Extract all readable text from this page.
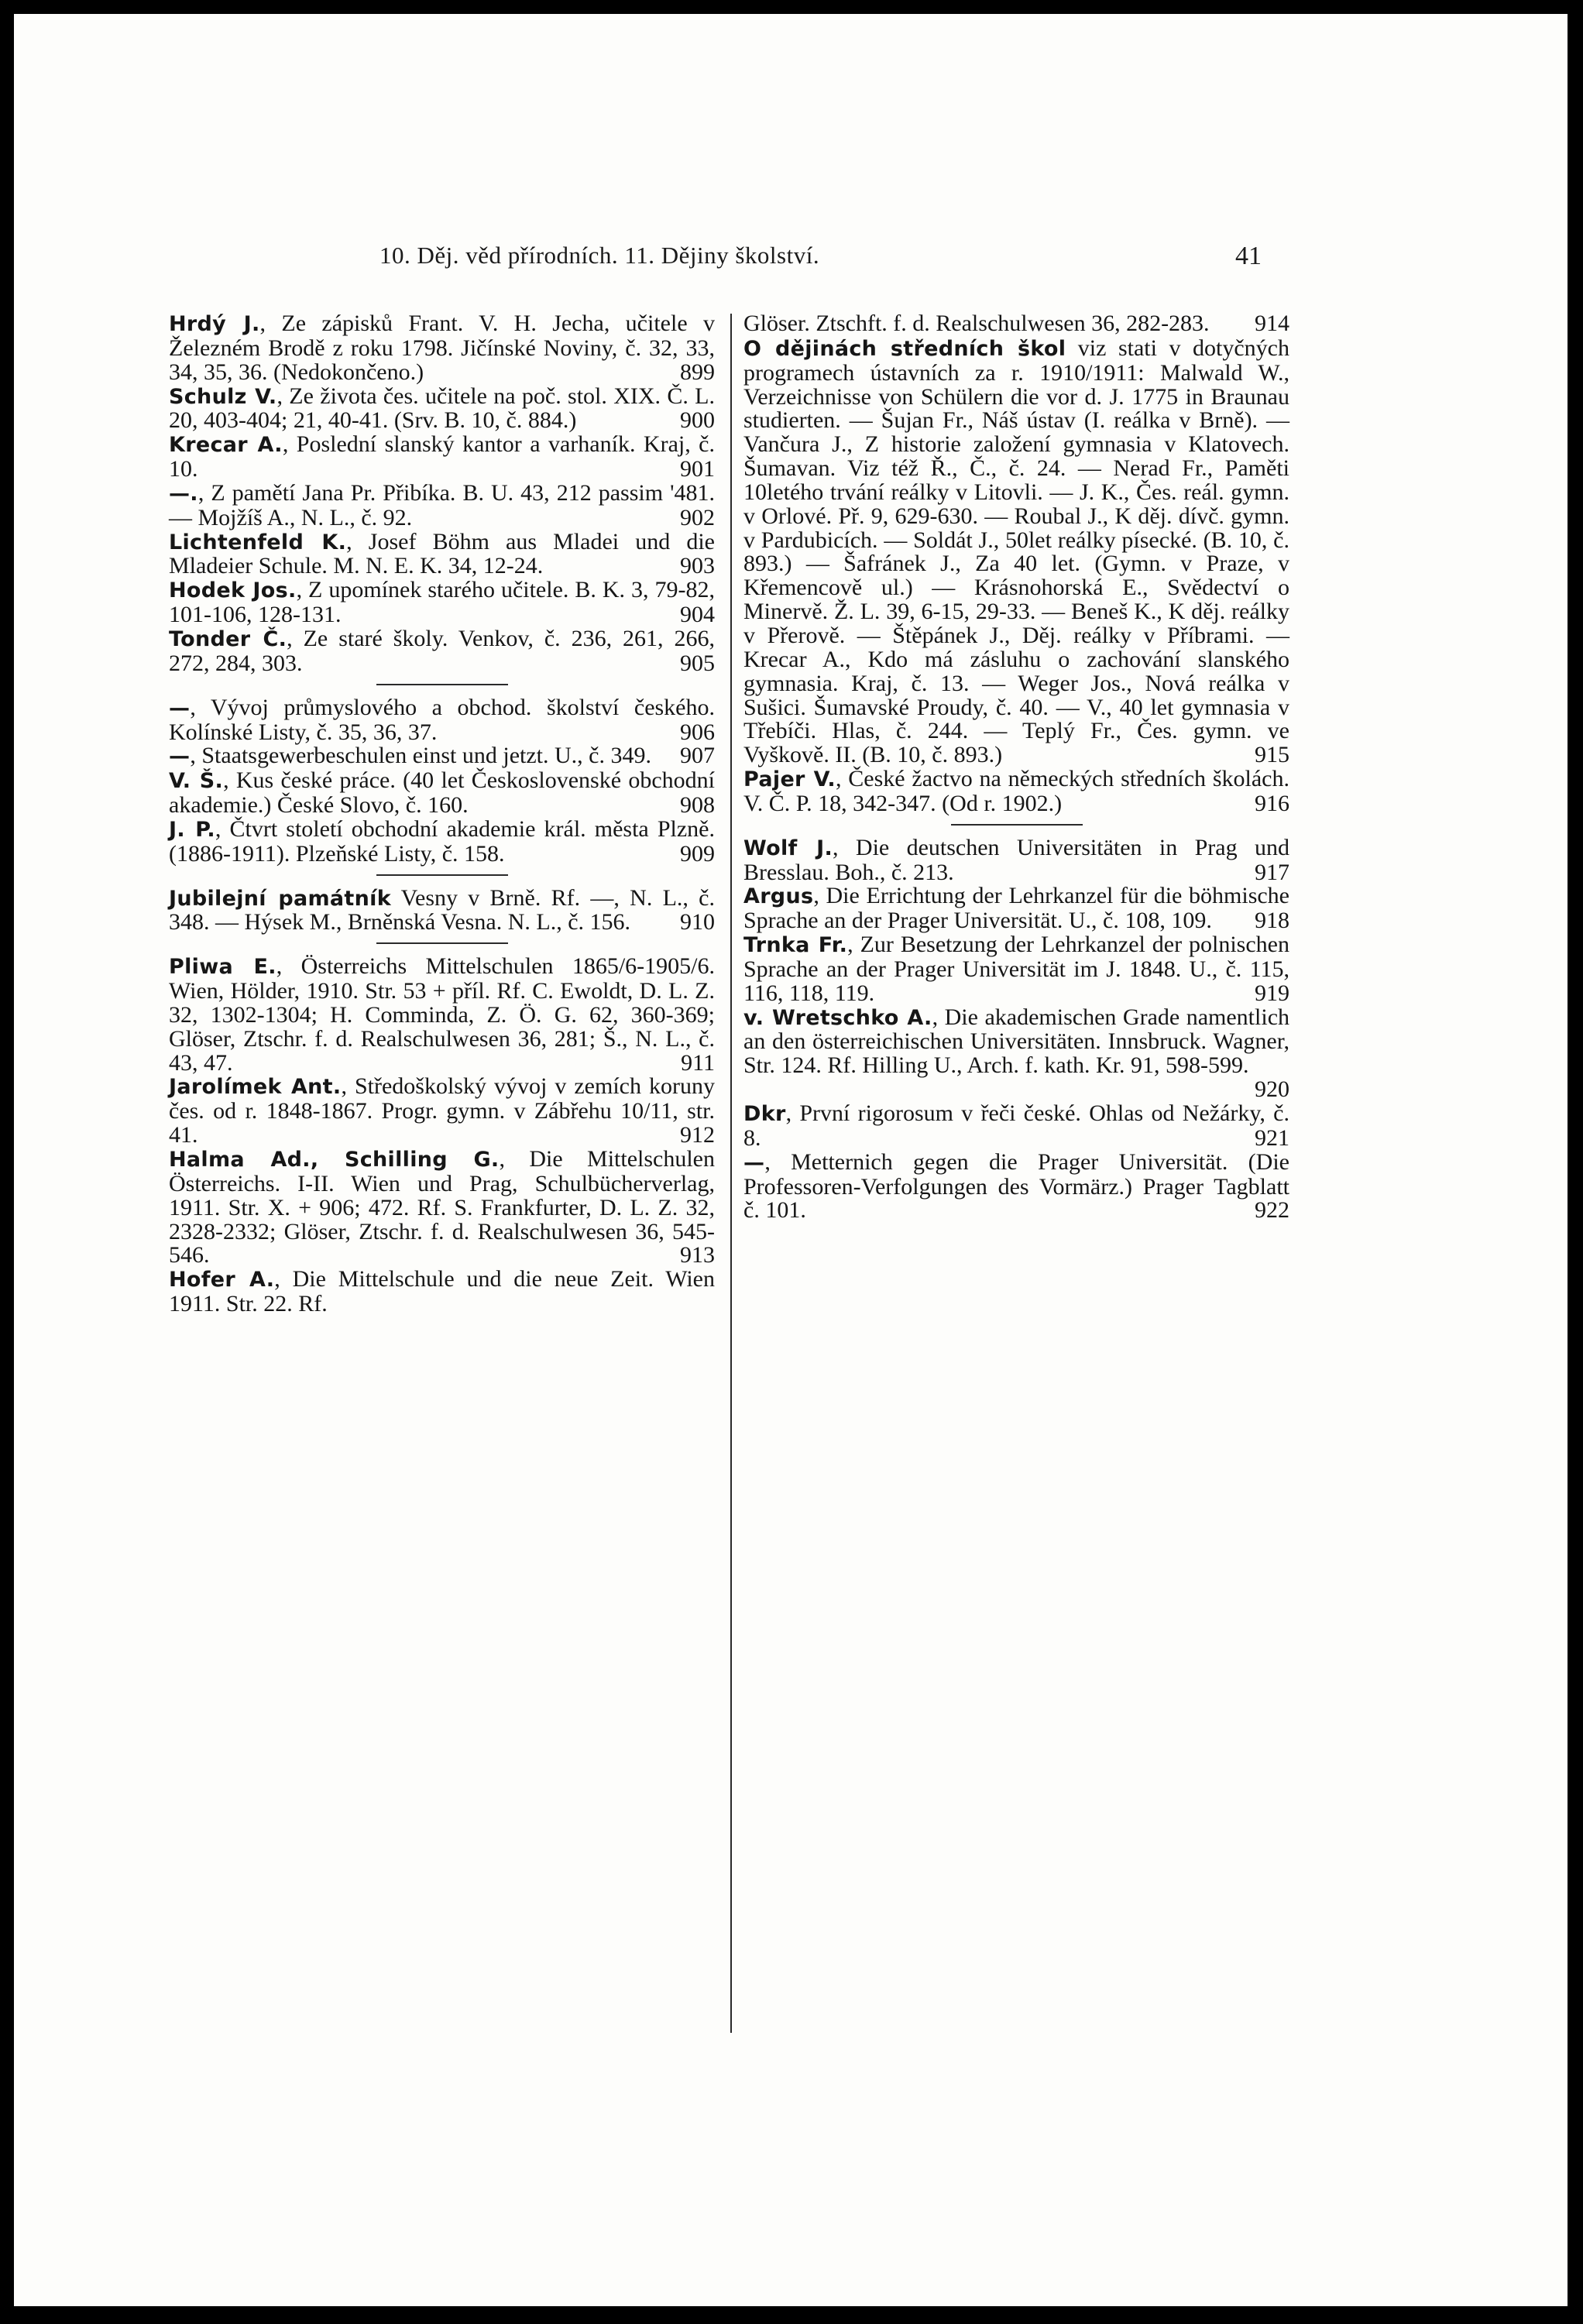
10. Děj. věd přírodních. 11. Dějiny školství.	41

Hrdý J., Ze zápisků Frant. V. H. Jecha, učitele v Železném Brodě z roku 1798. Jičínské Noviny, č. 32, 33, 34, 35, 36. (Nedokončeno.)	899

Schulz V., Ze života čes. učitele na poč. stol. XIX. Č. L. 20, 403-404; 21, 40-41. (Srv. B. 10, č. 884.)	900

Krecar A., Poslední slanský kantor a varhaník. Kraj, č. 10.	901

—., Z pamětí Jana Pr. Přibíka. B. U. 43, 212 passim '481. — Mojžíš A., N. L., č. 92.	902

Lichtenfeld K., Josef Böhm aus Mladei und die Mladeier Schule. M. N. E. K. 34, 12-24.	903

Hodek Jos., Z upomínek starého učitele. B. K. 3, 79-82, 101-106, 128-131.	904

Tonder Č., Ze staré školy. Venkov, č. 236, 261, 266, 272, 284, 303.	905

—, Vývoj průmyslového a obchod. školství českého. Kolínské Listy, č. 35, 36, 37.	906

—, Staatsgewerbeschulen einst und jetzt. U., č. 349. 907

V. Š., Kus české práce. (40 let Československé obchodní akademie.) České Slovo, č. 160.	908

J. P., Čtvrt století obchodní akademie král. města Plzně. (1886-1911). Plzeňské Listy, č. 158.	909

Jubilejní památník Vesny v Brně. Rf. —, N. L., č. 348. — Hýsek M., Brněnská Vesna. N. L., č. 156. 910

Pliwa E., Österreichs Mittelschulen 1865/6-1905/6. Wien, Hölder, 1910. Str. 53 + příl. Rf. C. Ewoldt, D. L. Z. 32, 1302-1304; H. Comminda, Z. Ö. G. 62, 360-369; Glöser, Ztschr. f. d. Realschulwesen 36, 281; Š., N. L., č. 43, 47.	911

Jarolímek Ant., Středoškolský vývoj v zemích koruny čes. od r. 1848-1867. Progr. gymn. v Zábřehu 10/11, str. 41.	912

Halma Ad., Schilling G., Die Mittelschulen Österreichs. I-II. Wien und Prag, Schulbücherverlag, 1911. Str. X. + 906; 472. Rf. S. Frankfurter, D. L. Z. 32, 2328-2332; Glöser, Ztschr. f. d. Realschulwesen 36, 545-546.	913

Hofer A., Die Mittelschule und die neue Zeit. Wien 1911. Str. 22. Rf.

Glöser. Ztschft. f. d. Realschulwesen 36, 282-283. 914

O dějinách středních škol viz stati v dotyčných programech ústavních za r. 1910/1911: Malwald W., Verzeichnisse von Schülern die vor d. J. 1775 in Braunau studierten. — Šujan Fr., Náš ústav (I. reálka v Brně). — Vančura J., Z historie založení gymnasia v Klatovech. Šumavan. Viz též Ř., Č., č. 24. — Nerad Fr., Paměti 10letého trvání reálky v Litovli. — J. K., Čes. reál. gymn. v Orlové. Př. 9, 629-630. — Roubal J., K děj. dívč. gymn. v Pardubicích. — Soldát J., 50let reálky písecké. (B. 10, č. 893.) — Šafránek J., Za 40 let. (Gymn. v Praze, v Křemencově ul.) — Krásnohorská E., Svědectví o Minervě. Ž. L. 39, 6-15, 29-33. — Beneš K., K děj. reálky v Přerově. — Štěpánek J., Děj. reálky v Příbrami. — Krecar A., Kdo má zásluhu o zachování slanského gymnasia. Kraj, č. 13. — Weger Jos., Nová reálka v Sušici. Šumavské Proudy, č. 40. — V., 40 let gymnasia v Třebíči. Hlas, č. 244. — Teplý Fr., Čes. gymn. ve Vyškově. II. (B. 10, č. 893.)	915

Pajer V., České žactvo na německých středních školách. V. Č. P. 18, 342-347. (Od r. 1902.)	916

Wolf J., Die deutschen Universitäten in Prag und Bresslau. Boh., č. 213.	917

Argus, Die Errichtung der Lehrkanzel für die böhmische Sprache an der Prager Universität. U., č. 108, 109. 918

Trnka Fr., Zur Besetzung der Lehrkanzel der polnischen Sprache an der Prager Universität im J. 1848. U., č. 115, 116, 118, 119.	919

v. Wretschko A., Die akademischen Grade namentlich an den österreichischen Universitäten. Innsbruck. Wagner, Str. 124. Rf. Hilling U., Arch. f. kath. Kr. 91, 598-599.
920

Dkr, První rigorosum v řeči české. Ohlas od Nežárky, č. 8.	921

—, Metternich gegen die Prager Universität. (Die Professoren-Verfolgungen des Vormärz.) Prager Tagblatt č. 101.	922
